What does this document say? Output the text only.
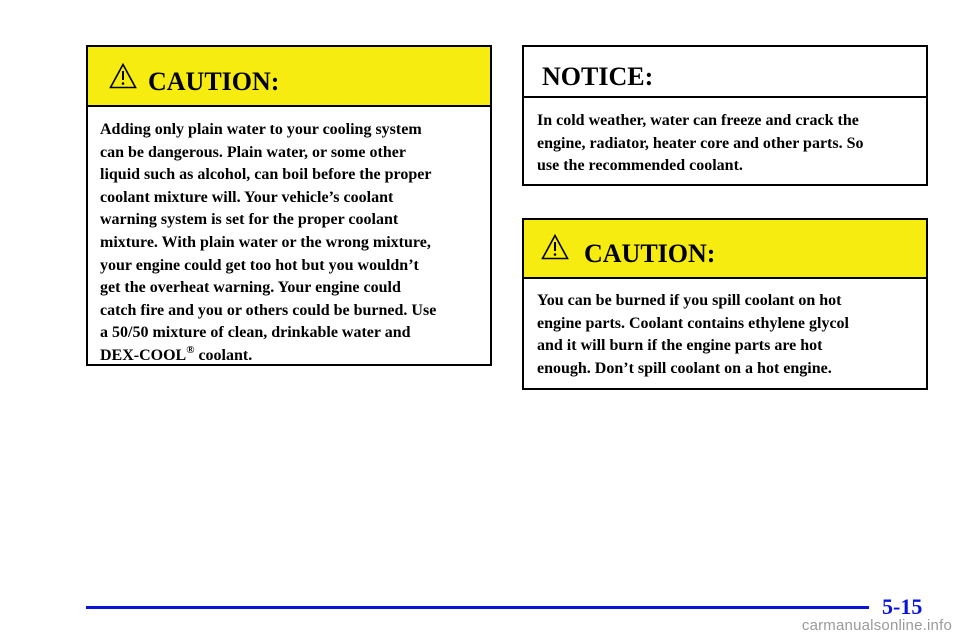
CAUTION:
Adding only plain water to your cooling system
can be dangerous. Plain water, or some other
liquid such as alcohol, can boil before the proper
coolant mixture will. Your vehicle’s coolant
warning system is set for the proper coolant
mixture. With plain water or the wrong mixture,
your engine could get too hot but you wouldn’t
get the overheat warning. Your engine could
catch fire and you or others could be burned. Use
a 50/50 mixture of clean, drinkable water and
DEX-COOL® coolant.
NOTICE:
In cold weather, water can freeze and crack the
engine, radiator, heater core and other parts. So
use the recommended coolant.
CAUTION:
You can be burned if you spill coolant on hot
engine parts. Coolant contains ethylene glycol
and it will burn if the engine parts are hot
enough. Don’t spill coolant on a hot engine.
5-15
carmanualsonline.info
